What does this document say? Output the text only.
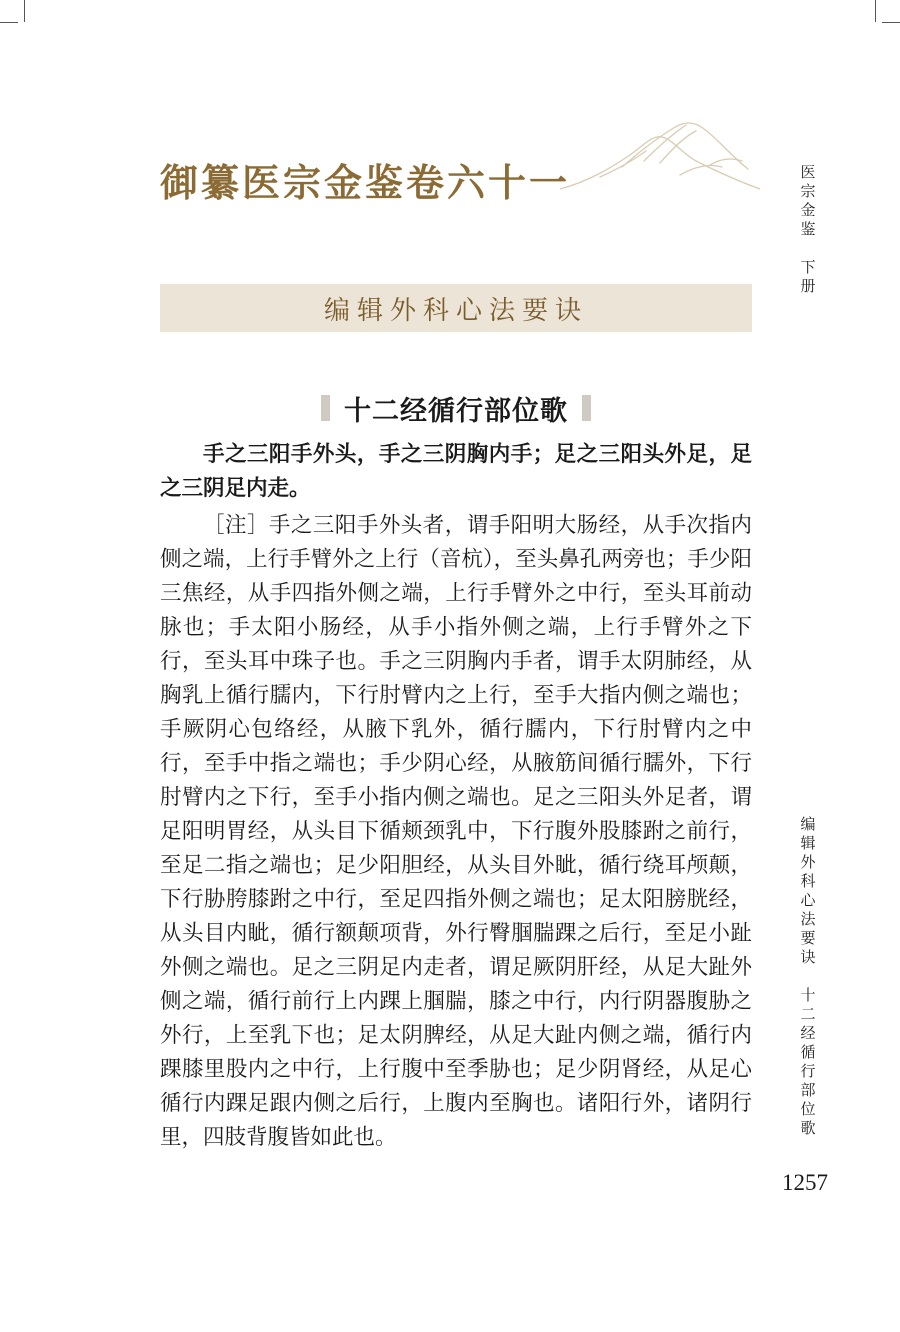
御纂医宗金鉴卷六十一
编辑外科心法要诀
十二经循行部位歌

手之三阳手外头，手之三阴胸内手；足之三阳头外足，足之三阴足内走。

［注］手之三阳手外头者，谓手阳明大肠经，从手次指内侧之端，上行手臂外之上行（音杭），至头鼻孔两旁也；手少阳三焦经，从手四指外侧之端，上行手臂外之中行，至头耳前动脉也；手太阳小肠经，从手小指外侧之端，上行手臂外之下行，至头耳中珠子也。手之三阴胸内手者，谓手太阴肺经，从胸乳上循行臑内，下行肘臂内之上行，至手大指内侧之端也；手厥阴心包络经，从腋下乳外，循行臑内，下行肘臂内之中行，至手中指之端也；手少阴心经，从腋筋间循行臑外，下行肘臂内之下行，至手小指内侧之端也。足之三阳头外足者，谓足阳明胃经，从头目下循颊颈乳中，下行腹外股膝跗之前行，至足二指之端也；足少阳胆经，从头目外眦，循行绕耳颅颠，下行胁胯膝跗之中行，至足四指外侧之端也；足太阳膀胱经，从头目内眦，循行额颠项背，外行臀腘腨踝之后行，至足小趾外侧之端也。足之三阴足内走者，谓足厥阴肝经，从足大趾外侧之端，循行前行上内踝上腘腨，膝之中行，内行阴器腹胁之外行，上至乳下也；足太阴脾经，从足大趾内侧之端，循行内踝膝里股内之中行，上行腹中至季胁也；足少阴肾经，从足心循行内踝足跟内侧之后行，上腹内至胸也。诸阳行外，诸阴行里，四肢背腹皆如此也。

医宗金鉴
下册
编辑外科心法要诀
十二经循行部位歌
1257
